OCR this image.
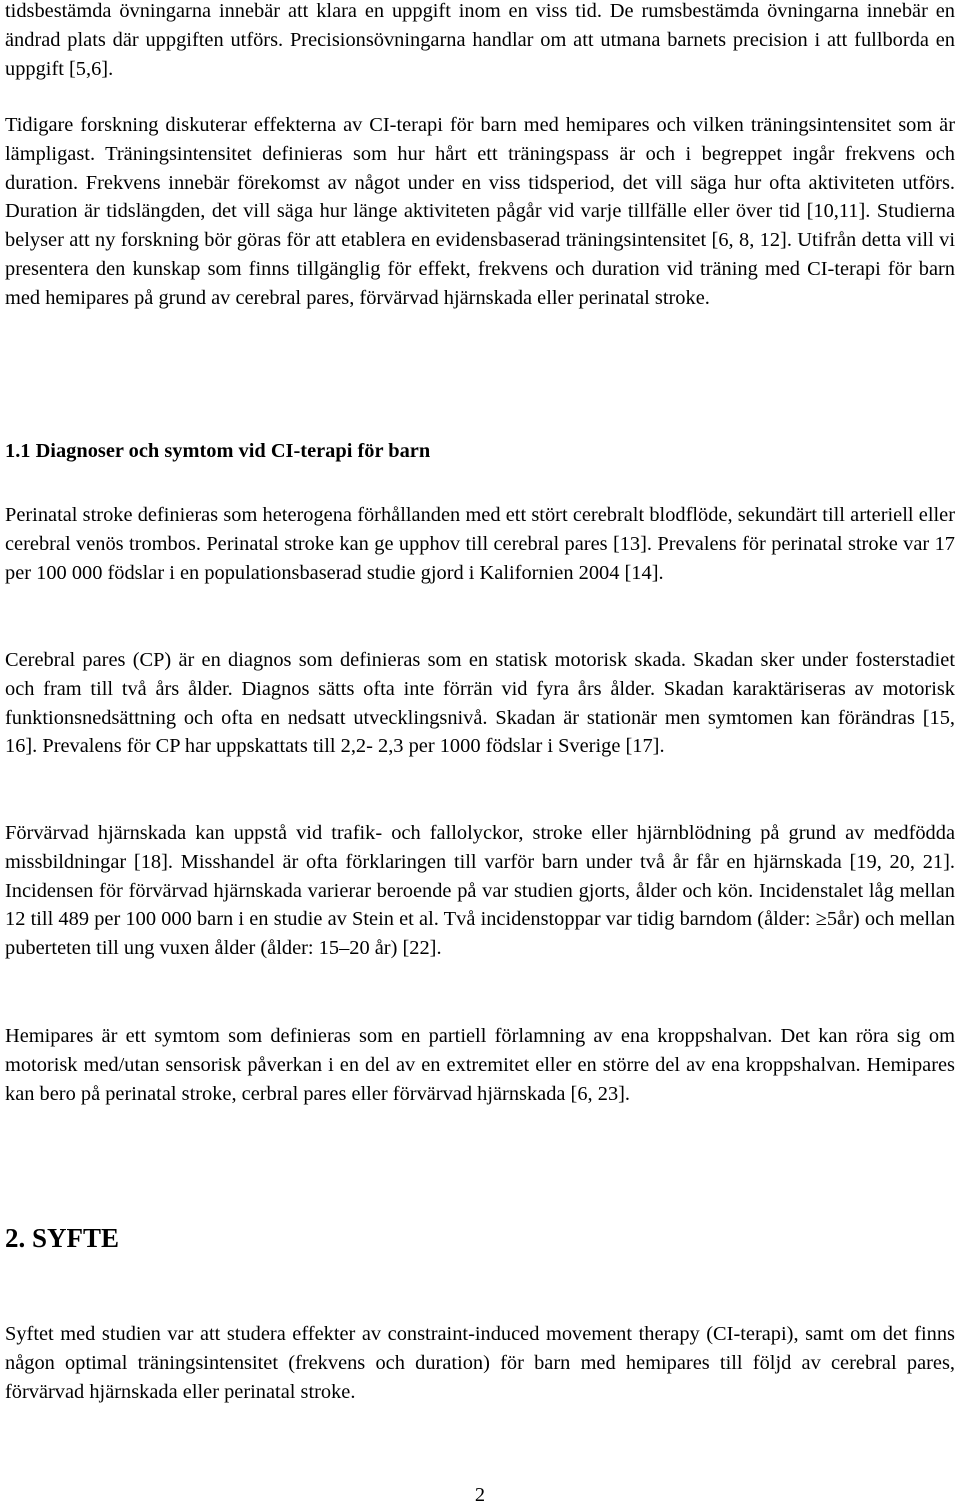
tidsbestämda övningarna innebär att klara en uppgift inom en viss tid. De rumsbestämda övningarna innebär en ändrad plats där uppgiften utförs. Precisionsövningarna handlar om att utmana barnets precision i att fullborda en uppgift [5,6].

Tidigare forskning diskuterar effekterna av CI-terapi för barn med hemipares och vilken träningsintensitet som är lämpligast. Träningsintensitet definieras som hur hårt ett träningspass är och i begreppet ingår frekvens och duration. Frekvens innebär förekomst av något under en viss tidsperiod, det vill säga hur ofta aktiviteten utförs. Duration är tidslängden, det vill säga hur länge aktiviteten pågår vid varje tillfälle eller över tid [10,11]. Studierna belyser att ny forskning bör göras för att etablera en evidensbaserad träningsintensitet [6, 8, 12]. Utifrån detta vill vi presentera den kunskap som finns tillgänglig för effekt, frekvens och duration vid träning med CI-terapi för barn med hemipares på grund av cerebral pares, förvärvad hjärnskada eller perinatal stroke.

1.1 Diagnoser och symtom vid CI-terapi för barn

Perinatal stroke definieras som heterogena förhållanden med ett stört cerebralt blodflöde, sekundärt till arteriell eller cerebral venös trombos. Perinatal stroke kan ge upphov till cerebral pares [13]. Prevalens för perinatal stroke var 17 per 100 000 födslar i en populationsbaserad studie gjord i Kalifornien 2004 [14].

Cerebral pares (CP) är en diagnos som definieras som en statisk motorisk skada. Skadan sker under fosterstadiet och fram till två års ålder. Diagnos sätts ofta inte förrän vid fyra års ålder. Skadan karaktäriseras av motorisk funktionsnedsättning och ofta en nedsatt utvecklingsnivå. Skadan är stationär men symtomen kan förändras [15, 16]. Prevalens för CP har uppskattats till 2,2- 2,3 per 1000 födslar i Sverige [17].

Förvärvad hjärnskada kan uppstå vid trafik- och fallolyckor, stroke eller hjärnblödning på grund av medfödda missbildningar [18]. Misshandel är ofta förklaringen till varför barn under två år får en hjärnskada [19, 20, 21]. Incidensen för förvärvad hjärnskada varierar beroende på var studien gjorts, ålder och kön. Incidenstalet låg mellan 12 till 489 per 100 000 barn i en studie av Stein et al. Två incidenstoppar var tidig barndom (ålder: ≥5år) och mellan puberteten till ung vuxen ålder (ålder: 15–20 år) [22].

Hemipares är ett symtom som definieras som en partiell förlamning av ena kroppshalvan. Det kan röra sig om motorisk med/utan sensorisk påverkan i en del av en extremitet eller en större del av ena kroppshalvan. Hemipares kan bero på perinatal stroke, cerbral pares eller förvärvad hjärnskada [6, 23].

2. SYFTE

Syftet med studien var att studera effekter av constraint-induced movement therapy (CI-terapi), samt om det finns någon optimal träningsintensitet (frekvens och duration) för barn med hemipares till följd av cerebral pares, förvärvad hjärnskada eller perinatal stroke.

2
